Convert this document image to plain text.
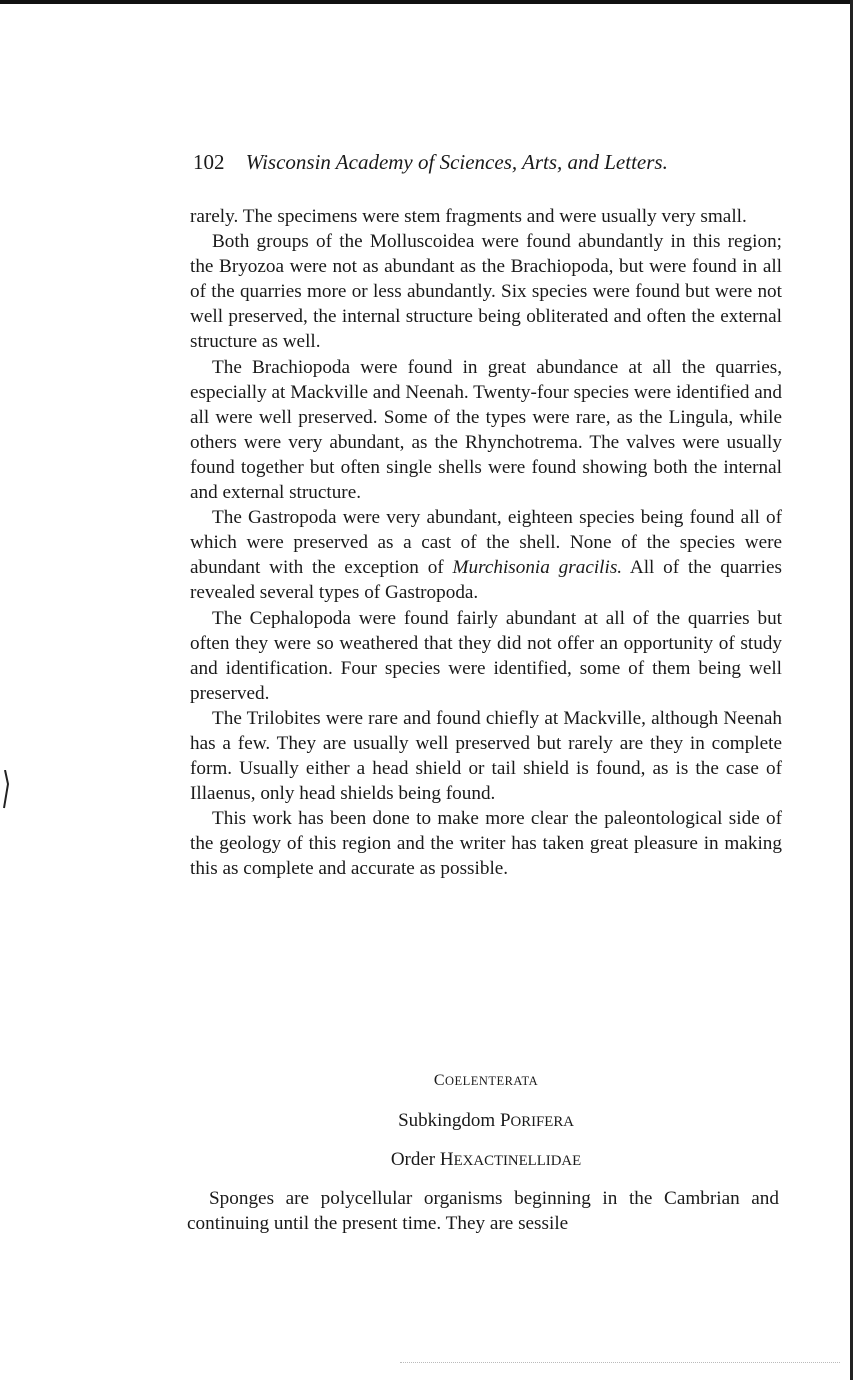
102 Wisconsin Academy of Sciences, Arts, and Letters.

rarely. The specimens were stem fragments and were usually very small.

Both groups of the Molluscoidea were found abundantly in this region; the Bryozoa were not as abundant as the Brachiopoda, but were found in all of the quarries more or less abundantly. Six species were found but were not well preserved, the internal structure being obliterated and often the external structure as well.

The Brachiopoda were found in great abundance at all the quarries, especially at Mackville and Neenah. Twenty-four species were identified and all were well preserved. Some of the types were rare, as the Lingula, while others were very abundant, as the Rhynchotrema. The valves were usually found together but often single shells were found showing both the internal and external structure.

The Gastropoda were very abundant, eighteen species being found all of which were preserved as a cast of the shell. None of the species were abundant with the exception of Murchisonia gracilis. All of the quarries revealed several types of Gastropoda.

The Cephalopoda were found fairly abundant at all of the quarries but often they were so weathered that they did not offer an opportunity of study and identification. Four species were identified, some of them being well preserved.

The Trilobites were rare and found chiefly at Mackville, although Neenah has a few. They are usually well preserved but rarely are they in complete form. Usually either a head shield or tail shield is found, as is the case of Illaenus, only head shields being found.

This work has been done to make more clear the paleontological side of the geology of this region and the writer has taken great pleasure in making this as complete and accurate as possible.

COELENTERATA
Subkingdom PORIFERA
Order HEXACTINELLIDAE

Sponges are polycellular organisms beginning in the Cambrian and continuing until the present time. They are sessile
